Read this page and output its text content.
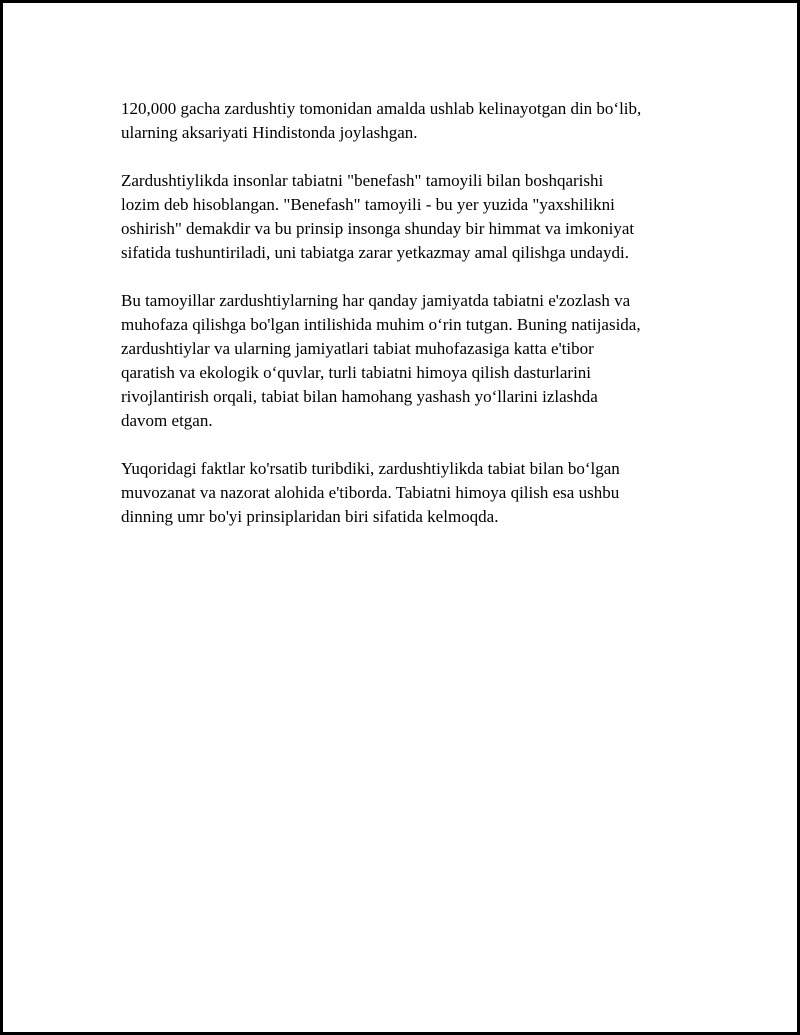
120,000 gacha zardushtiy tomonidan amalda ushlab kelinayotgan din bo‘lib,
ularning aksariyati Hindistonda joylashgan.

Zardushtiylikda insonlar tabiatni "benefash" tamoyili bilan boshqarishi
lozim deb hisoblangan. "Benefash" tamoyili - bu yer yuzida "yaxshilikni
oshirish" demakdir va bu prinsip insonga shunday bir himmat va imkoniyat
sifatida tushuntiriladi, uni tabiatga zarar yetkazmay amal qilishga undaydi.

Bu tamoyillar zardushtiylarning har qanday jamiyatda tabiatni e'zozlash va
muhofaza qilishga bo'lgan intilishida muhim o‘rin tutgan. Buning natijasida,
zardushtiylar va ularning jamiyatlari tabiat muhofazasiga katta e'tibor
qaratish va ekologik o‘quvlar, turli tabiatni himoya qilish dasturlarini
rivojlantirish orqali, tabiat bilan hamohang yashash yo‘llarini izlashda
davom etgan.

Yuqoridagi faktlar ko'rsatib turibdiki, zardushtiylikda tabiat bilan bo‘lgan
muvozanat va nazorat alohida e'tiborda. Tabiatni himoya qilish esa ushbu
dinning umr bo'yi prinsiplaridan biri sifatida kelmoqda.
